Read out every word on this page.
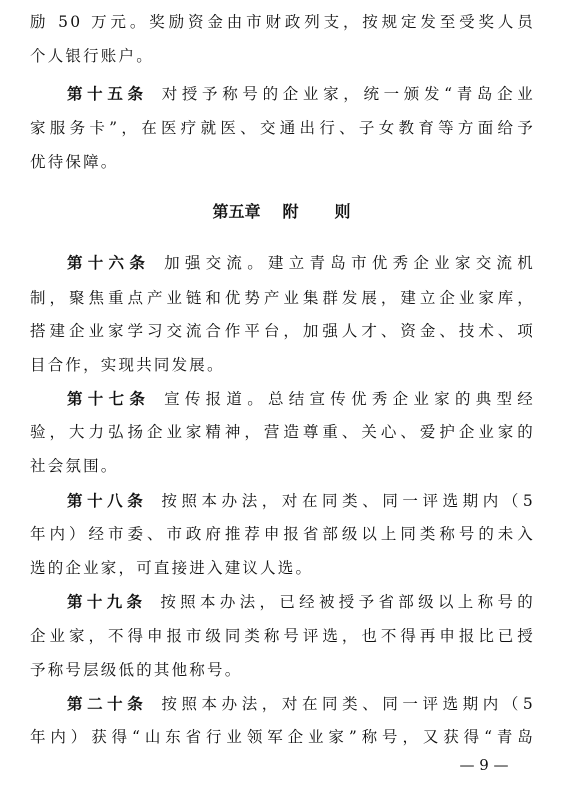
励 50 万元。奖励资金由市财政列支，按规定发至受奖人员
个人银行账户。
第十五条 对授予称号的企业家，统一颁发“青岛企业
家服务卡”，在医疗就医、交通出行、子女教育等方面给予
优待保障。
第五章 附 则
第十六条 加强交流。建立青岛市优秀企业家交流机
制，聚焦重点产业链和优势产业集群发展，建立企业家库，
搭建企业家学习交流合作平台，加强人才、资金、技术、项
目合作，实现共同发展。
第十七条 宣传报道。总结宣传优秀企业家的典型经
验，大力弘扬企业家精神，营造尊重、关心、爱护企业家的
社会氛围。
第十八条 按照本办法，对在同类、同一评选期内（5
年内）经市委、市政府推荐申报省部级以上同类称号的未入
选的企业家，可直接进入建议人选。
第十九条 按照本办法，已经被授予省部级以上称号的
企业家，不得申报市级同类称号评选，也不得再申报比已授
予称号层级低的其他称号。
第二十条 按照本办法，对在同类、同一评选期内（5
年内）获得“山东省行业领军企业家”称号，又获得“青岛
— 9 —
